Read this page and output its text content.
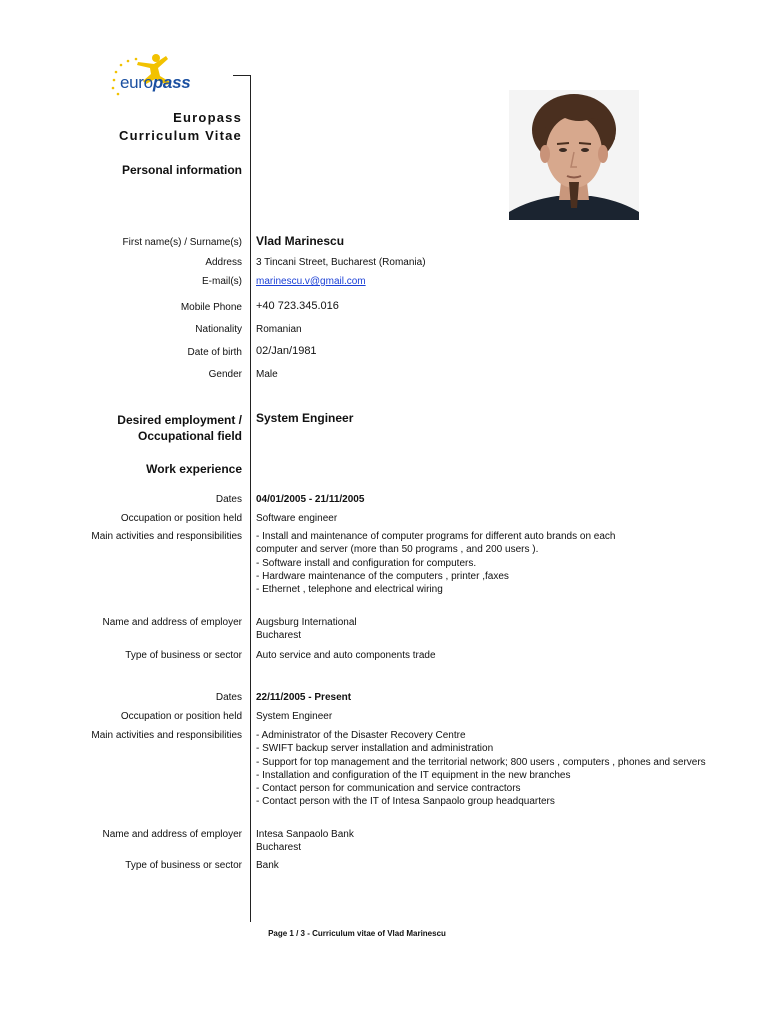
europass
Europass
Curriculum Vitae
Personal information
First name(s) / Surname(s) Vlad Marinescu
Address 3 Tincani Street, Bucharest (Romania)
E-mail(s) marinescu.v@gmail.com
Mobile Phone +40 723.345.016
Nationality Romanian
Date of birth 02/Jan/1981
Gender Male
Desired employment /
Occupational field
System Engineer
Work experience
Dates 04/01/2005 - 21/11/2005
Occupation or position held Software engineer
Main activities and responsibilities - Install and maintenance of computer programs for different auto brands on each
computer and server (more than 50 programs , and 200 users ).
- Software install and configuration for computers.
- Hardware maintenance of the computers , printer ,faxes
- Ethernet , telephone and electrical wiring
Name and address of employer Augsburg International
Bucharest
Type of business or sector Auto service and auto components trade
Dates 22/11/2005 - Present
Occupation or position held System Engineer
Main activities and responsibilities - Administrator of the Disaster Recovery Centre
- SWIFT backup server installation and administration
- Support for top management and the territorial network; 800 users , computers , phones and servers
- Installation and configuration of the IT equipment in the new branches
- Contact person for communication and service contractors
- Contact person with the IT of Intesa Sanpaolo group headquarters
Name and address of employer Intesa Sanpaolo Bank
Bucharest
Type of business or sector Bank
Page 1 / 3 - Curriculum vitae of Vlad Marinescu
